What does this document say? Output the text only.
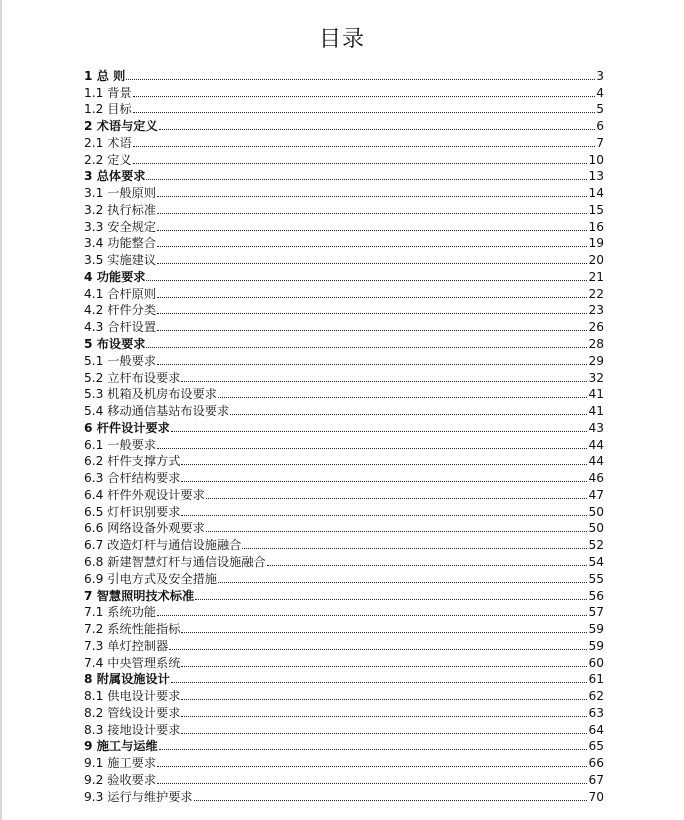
目录
1 总 则	3
1.1 背景	4
1.2 目标	5
2 术语与定义	6
2.1 术语	7
2.2 定义	10
3 总体要求	13
3.1 一般原则	14
3.2 执行标准	15
3.3 安全规定	16
3.4 功能整合	19
3.5 实施建议	20
4 功能要求	21
4.1 合杆原则	22
4.2 杆件分类	23
4.3 合杆设置	26
5 布设要求	28
5.1 一般要求	29
5.2 立杆布设要求	32
5.3 机箱及机房布设要求	41
5.4 移动通信基站布设要求	41
6 杆件设计要求	43
6.1 一般要求	44
6.2 杆件支撑方式	44
6.3 合杆结构要求	46
6.4 杆件外观设计要求	47
6.5 灯杆识别要求	50
6.6 网络设备外观要求	50
6.7 改造灯杆与通信设施融合	52
6.8 新建智慧灯杆与通信设施融合	54
6.9 引电方式及安全措施	55
7 智慧照明技术标准	56
7.1 系统功能	57
7.2 系统性能指标	59
7.3 单灯控制器	59
7.4 中央管理系统	60
8 附属设施设计	61
8.1 供电设计要求	62
8.2 管线设计要求	63
8.3 接地设计要求	64
9 施工与运维	65
9.1 施工要求	66
9.2 验收要求	67
9.3 运行与维护要求	70
